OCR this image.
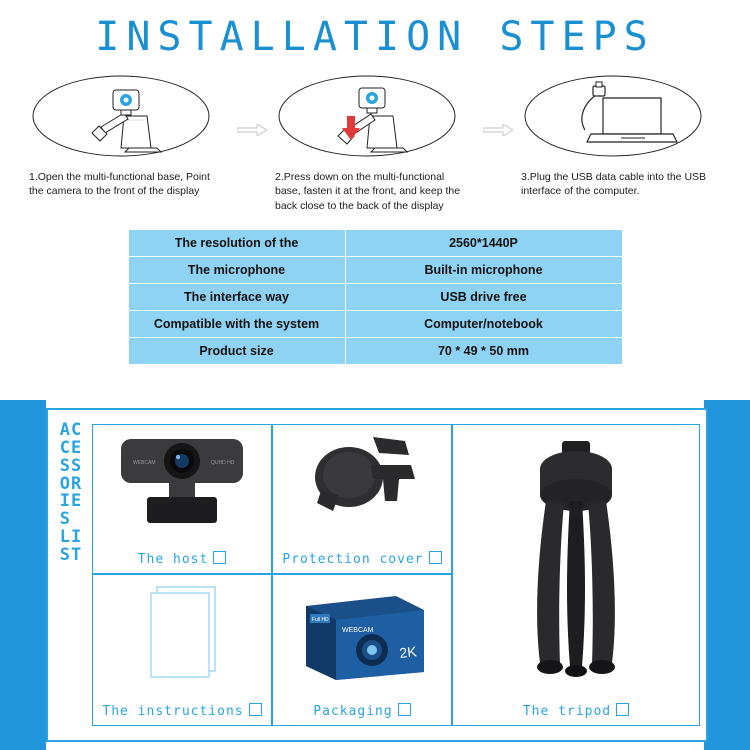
INSTALLATION STEPS
1.Open the multi-functional base, Point the camera to the front of the display
2.Press down on the multi-functional base, fasten it at the front, and keep the back close to the back of the display
3.Plug the USB data cable into the USB interface of the computer.
The resolution of the	2560*1440P
The microphone	Built-in microphone
The interface way	USB drive free
Compatible with the system	Computer/notebook
Product size	70 * 49 * 50 mm
A​C​C​E​S​S​O​R​I​E​S​ ​L​I​S​T
WEBCAM	QUHD HD
The host	Protection cover
The tripod
The instructions
WEBCAM
2K
Full HD
Packaging
